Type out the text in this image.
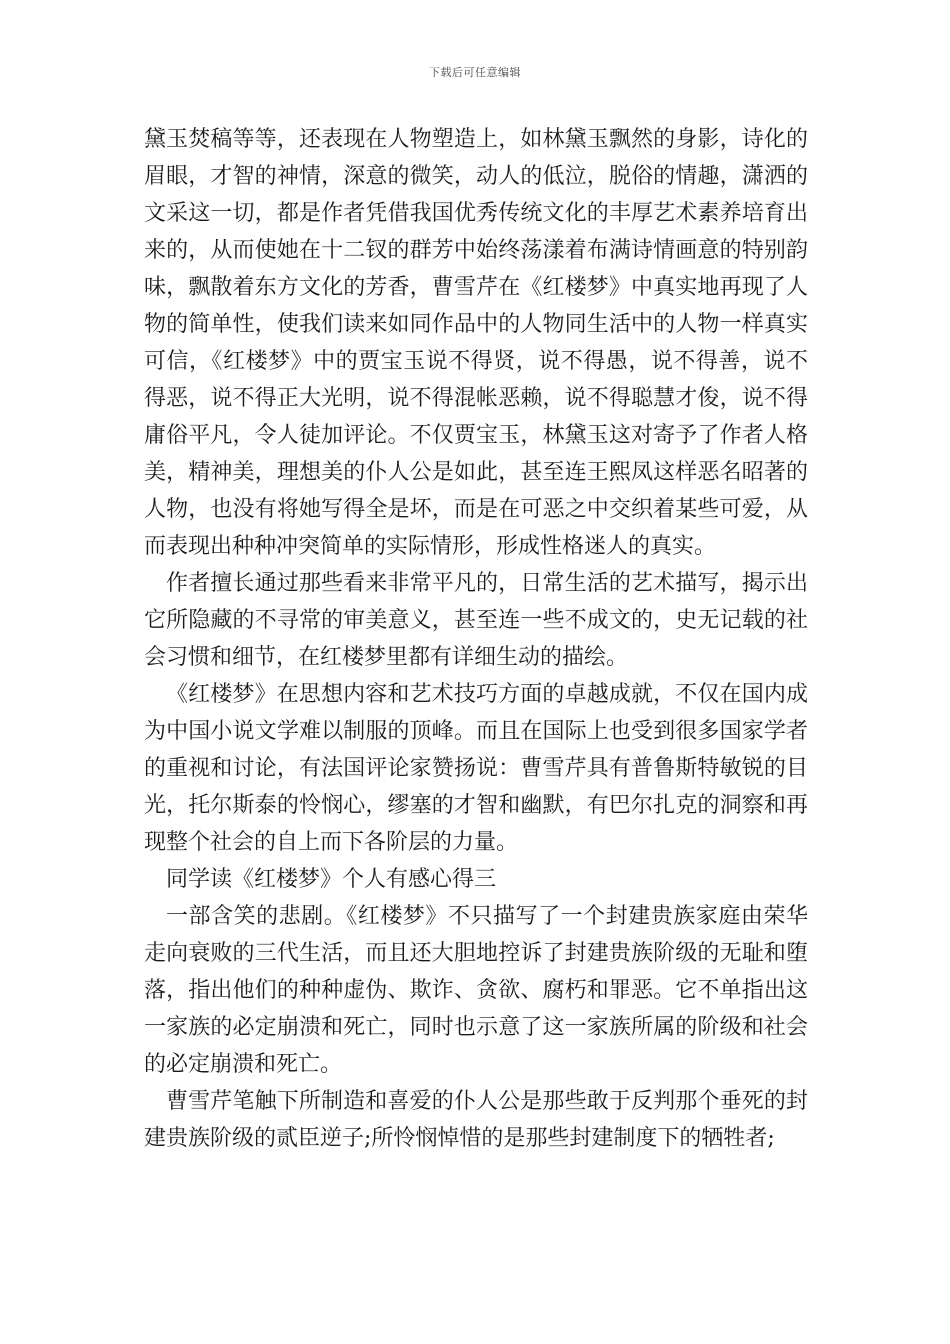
下载后可任意编辑

黛玉焚稿等等，还表现在人物塑造上，如林黛玉飘然的身影，诗化的眉眼，才智的神情，深意的微笑，动人的低泣，脱俗的情趣，潇洒的文采这一切，都是作者凭借我国优秀传统文化的丰厚艺术素养培育出来的，从而使她在十二钗的群芳中始终荡漾着布满诗情画意的特别韵味，飘散着东方文化的芳香，曹雪芹在《红楼梦》中真实地再现了人物的简单性，使我们读来如同作品中的人物同生活中的人物一样真实可信，《红楼梦》中的贾宝玉说不得贤，说不得愚，说不得善，说不得恶，说不得正大光明，说不得混帐恶赖，说不得聪慧才俊，说不得庸俗平凡，令人徒加评论。不仅贾宝玉，林黛玉这对寄予了作者人格美，精神美，理想美的仆人公是如此，甚至连王熙凤这样恶名昭著的人物，也没有将她写得全是坏，而是在可恶之中交织着某些可爱，从而表现出种种冲突简单的实际情形，形成性格迷人的真实。

作者擅长通过那些看来非常平凡的，日常生活的艺术描写，揭示出它所隐藏的不寻常的审美意义，甚至连一些不成文的，史无记载的社会习惯和细节，在红楼梦里都有详细生动的描绘。

《红楼梦》在思想内容和艺术技巧方面的卓越成就，不仅在国内成为中国小说文学难以制服的顶峰。而且在国际上也受到很多国家学者的重视和讨论，有法国评论家赞扬说：曹雪芹具有普鲁斯特敏锐的目光，托尔斯泰的怜悯心，缪塞的才智和幽默，有巴尔扎克的洞察和再现整个社会的自上而下各阶层的力量。

同学读《红楼梦》个人有感心得三

一部含笑的悲剧。《红楼梦》不只描写了一个封建贵族家庭由荣华走向衰败的三代生活，而且还大胆地控诉了封建贵族阶级的无耻和堕落，指出他们的种种虚伪、欺诈、贪欲、腐朽和罪恶。它不单指出这一家族的必定崩溃和死亡，同时也示意了这一家族所属的阶级和社会的必定崩溃和死亡。

曹雪芹笔触下所制造和喜爱的仆人公是那些敢于反判那个垂死的封建贵族阶级的贰臣逆子;所怜悯悼惜的是那些封建制度下的牺牲者;
